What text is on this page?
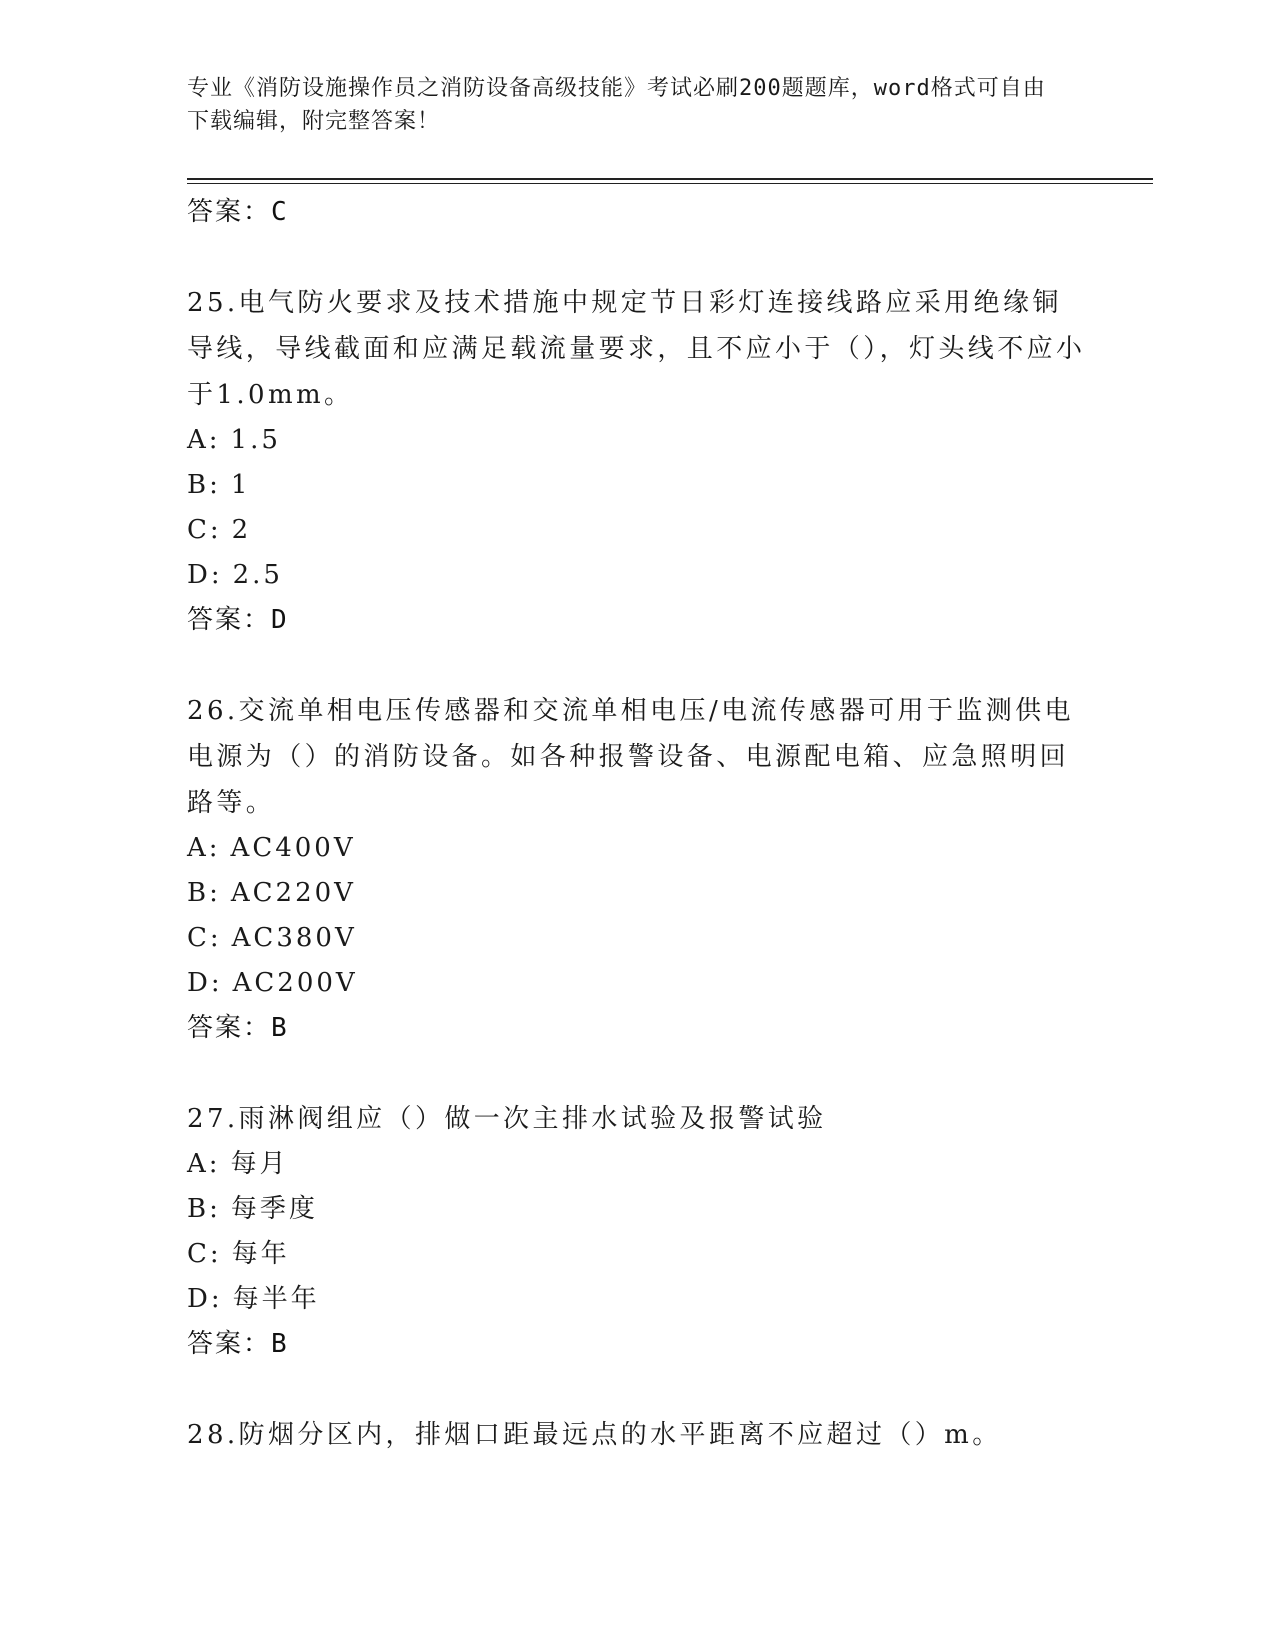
专业《消防设施操作员之消防设备高级技能》考试必刷200题题库，word格式可自由下载编辑，附完整答案！
答案：C
25.电气防火要求及技术措施中规定节日彩灯连接线路应采用绝缘铜导线，导线截面和应满足载流量要求，且不应小于（），灯头线不应小于1.0mm。
A: 1.5
B: 1
C: 2
D: 2.5
答案：D
26.交流单相电压传感器和交流单相电压/电流传感器可用于监测供电电源为（）的消防设备。如各种报警设备、电源配电箱、应急照明回路等。
A: AC400V
B: AC220V
C: AC380V
D: AC200V
答案：B
27.雨淋阀组应（）做一次主排水试验及报警试验
A: 每月
B: 每季度
C: 每年
D: 每半年
答案：B
28.防烟分区内，排烟口距最远点的水平距离不应超过（）m。
